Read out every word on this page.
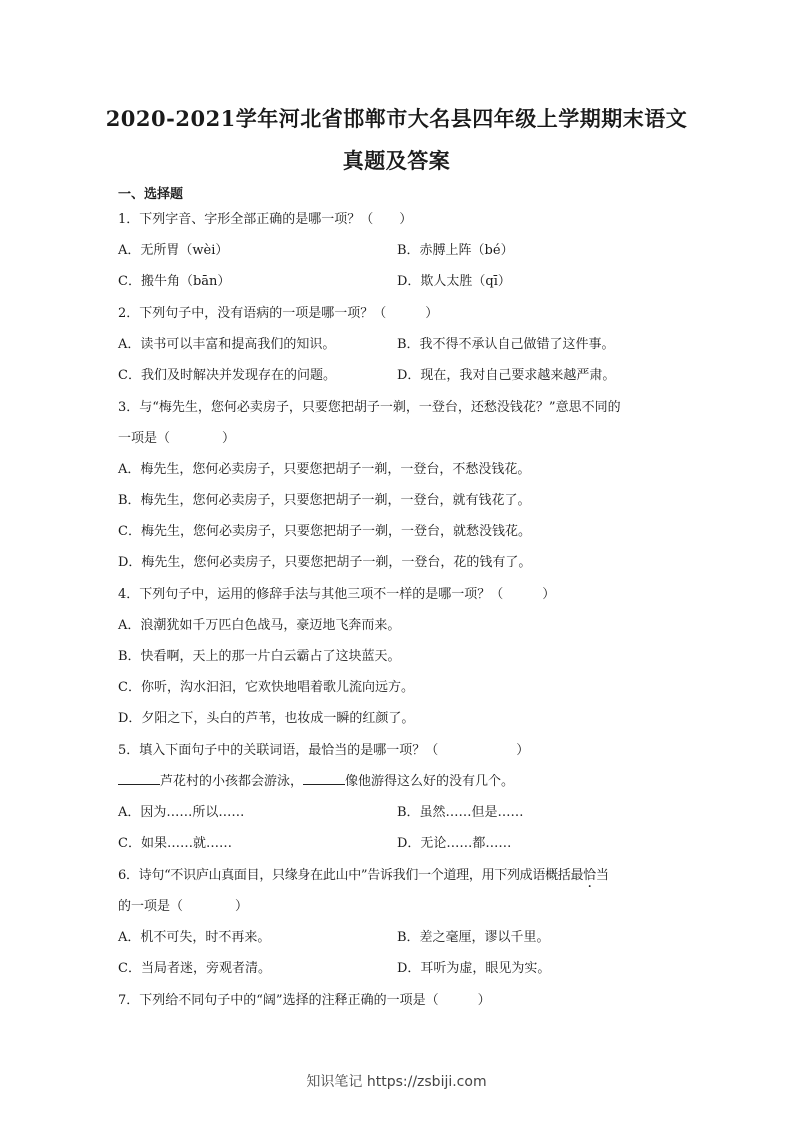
2020-2021学年河北省邯郸市大名县四年级上学期期末语文
真题及答案
一、选择题
1．下列字音、字形全部正确的是哪一项？（　　）
A．无所胃（wèi）	B．赤膊上阵（bé）
C．搬牛角（bān）	D．欺人太胜（qī）
2．下列句子中，没有语病的一项是哪一项？（　　　）
A．读书可以丰富和提高我们的知识。	B．我不得不承认自己做错了这件事。
C．我们及时解决并发现存在的问题。	D．现在，我对自己要求越来越严肃。
3．与“梅先生，您何必卖房子，只要您把胡子一剃，一登台，还愁没钱花？”意思不同的
一项是（　　　　）
A．梅先生，您何必卖房子，只要您把胡子一剃，一登台，不愁没钱花。
B．梅先生，您何必卖房子，只要您把胡子一剃，一登台，就有钱花了。
C．梅先生，您何必卖房子，只要您把胡子一剃，一登台，就愁没钱花。
D．梅先生，您何必卖房子，只要您把胡子一剃，一登台，花的钱有了。
4．下列句子中，运用的修辞手法与其他三项不一样的是哪一项？（　　　）
A．浪潮犹如千万匹白色战马，豪迈地飞奔而来。
B．快看啊，天上的那一片白云霸占了这块蓝天。
C．你听，沟水汩汩，它欢快地唱着歌儿流向远方。
D．夕阳之下，头白的芦苇，也妆成一瞬的红颜了。
5．填入下面句子中的关联词语，最恰当的是哪一项？（　　　　　　）
芦花村的小孩都会游泳，	像他游得这么好的没有几个。
A．因为……所以……	B．虽然……但是……
C．如果……就……	D．无论……都……
6．诗句“不识庐山真面目，只缘身在此山中”告诉我们一个道理，用下列成语概括最恰当
的一项是（　　　　）
A．机不可失，时不再来。	B．差之毫厘，谬以千里。
C．当局者迷，旁观者清。	D．耳听为虚，眼见为实。
7．下列给不同句子中的“阔”选择的注释正确的一项是（　　　）
知识笔记 https://zsbiji.com
